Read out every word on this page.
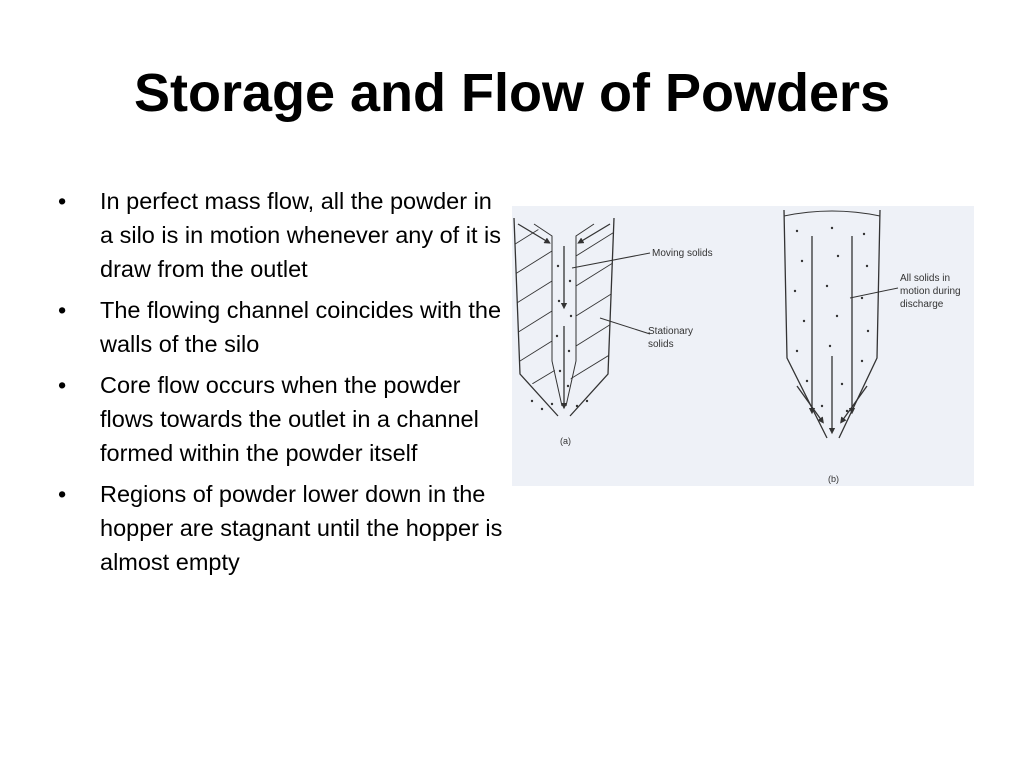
Storage and Flow of Powders
• In perfect mass flow, all the powder in a silo is in motion whenever any of it is draw from the outlet
• The flowing channel coincides with the walls of the silo
• Core flow occurs when the powder flows towards the outlet in a channel formed within the powder itself
• Regions of powder lower down in the hopper are stagnant until the hopper is almost empty
(a)
Moving solids
Stationary
solids
(b)
All solids in
motion during
discharge
